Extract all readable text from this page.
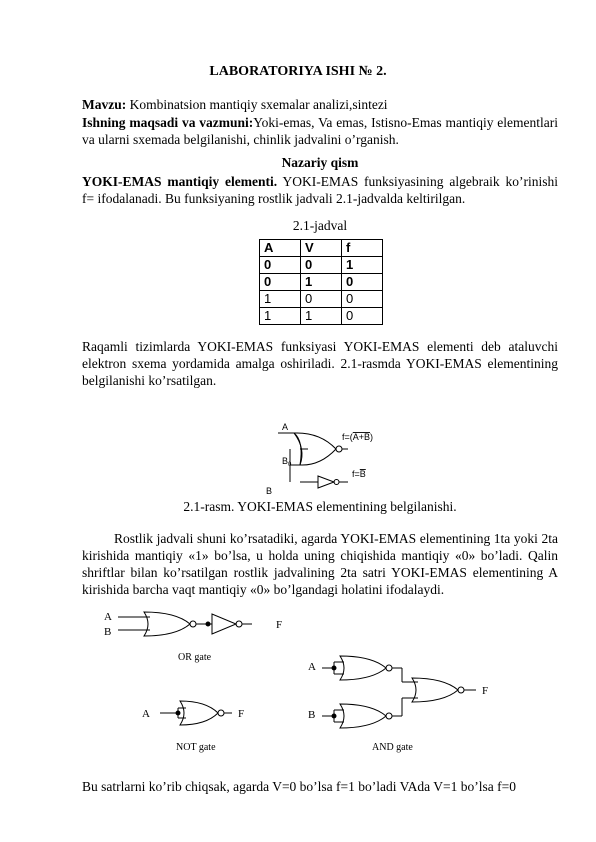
LABORATORIYA ISHI № 2.
Mavzu: Kombinatsion mantiqiy sxemalar analizi,sintezi
Ishning maqsadi va vazmuni:Yoki-emas, Va emas, Istisno-Emas mantiqiy elementlari va ularni sxemada belgilanishi, chinlik jadvalini o’rganish.
Nazariy qism
YOKI-EMAS mantiqiy elementi. YOKI-EMAS funksiyasining algebraik ko’rinishi f= ifodalanadi. Bu funksiyaning rostlik jadvali 2.1-jadvalda keltirilgan.
2.1-jadval
A	V	f
0	0	1
0	1	0
1	0	0
1	1	0
Raqamli tizimlarda YOKI-EMAS funksiyasi YOKI-EMAS elementi deb ataluvchi elektron sxema yordamida amalga oshiriladi. 2.1-rasmda YOKI-EMAS elementining belgilanishi ko’rsatilgan.
A
$B_0$
B
f=(A+B)
f=B
2.1-rasm. YOKI-EMAS elementining belgilanishi.
Rostlik jadvali shuni ko’rsatadiki, agarda YOKI-EMAS elementining 1ta yoki 2ta kirishida mantiqiy «1» bo’lsa, u holda uning chiqishida mantiqiy «0» bo’ladi. Qalin shriftlar bilan ko’rsatilgan rostlik jadvalining 2ta satri YOKI-EMAS elementining A kirishida barcha vaqt mantiqiy «0» bo’lgandagi holatini ifodalaydi.
A
B
F
OR gate
A	F
NOT gate
A
B
F
AND gate
Bu satrlarni ko’rib chiqsak, agarda V=0 bo’lsa f=1 bo’ladi VAda V=1 bo’lsa f=0
